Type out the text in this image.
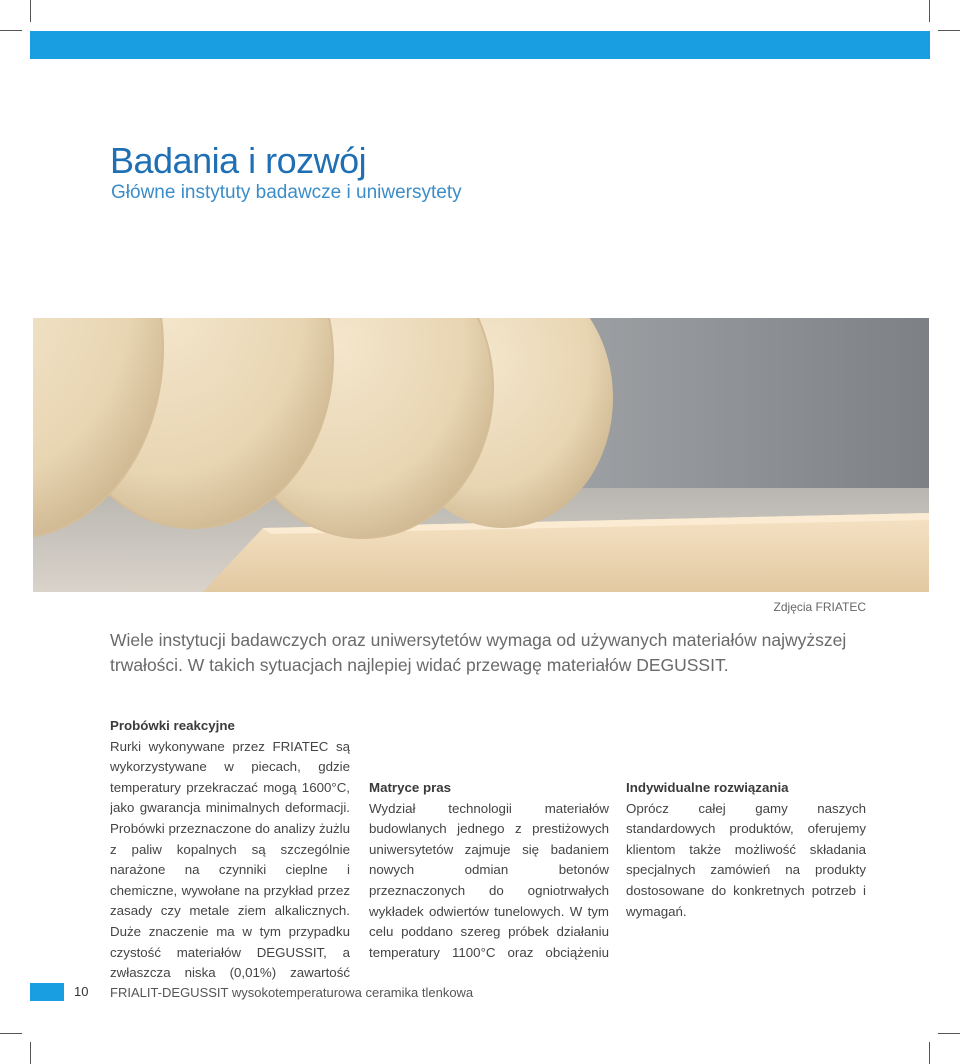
Badania i rozwój
Główne instytuty badawcze i uniwersytety
Zdjęcia FRIATEC

Wiele instytucji badawczych oraz uniwersytetów wymaga od używanych materiałów najwyższej trwałości. W takich sytuacjach najlepiej widać przewagę materiałów DEGUSSIT.

Probówki reakcyjne

Rurki wykonywane przez FRIATEC są wykorzystywane w piecach, gdzie temperatury przekraczać mogą 1600°C, jako gwarancja minimalnych deformacji. Probówki przeznaczone do analizy żużlu z paliw kopalnych są szczególnie narażone na czynniki cieplne i chemiczne, wywołane na przykład przez zasady czy metale ziem alkalicznych. Duże znaczenie ma w tym przypadku czystość materiałów DEGUSSIT, a zwłaszcza niska (0,01%) zawartość

Matryce pras

Wydział technologii materiałów budowlanych jednego z prestiżowych uniwersytetów zajmuje się badaniem nowych odmian betonów przeznaczonych do ogniotrwałych wykładek odwiertów tunelowych. W tym celu poddano szereg próbek działaniu temperatury 1100°C oraz obciążeniu

Indywidualne rozwiązania

Oprócz całej gamy naszych standardowych produktów, oferujemy klientom także możliwość składania specjalnych zamówień na produkty dostosowane do konkretnych potrzeb i wymagań.

10 FRIALIT-DEGUSSIT wysokotemperaturowa ceramika tlenkowa
